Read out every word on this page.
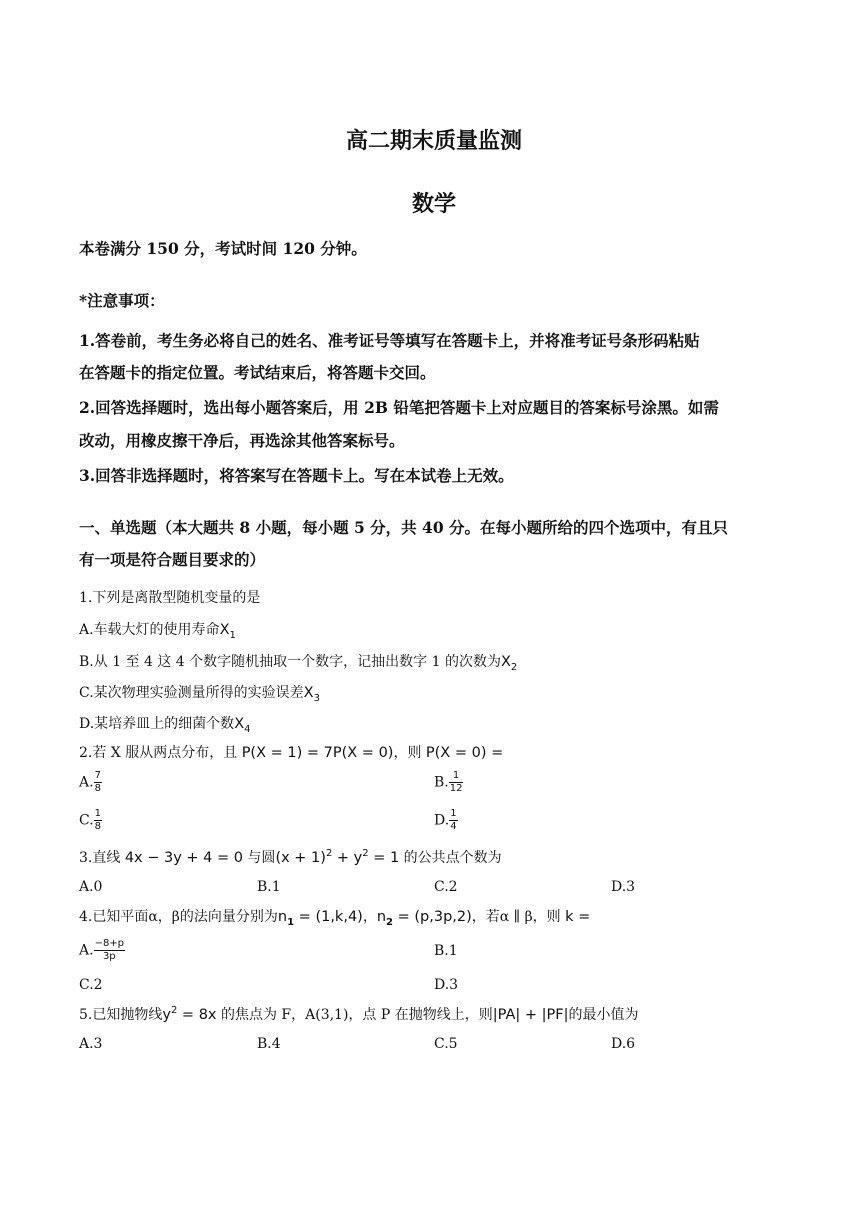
高二期末质量监测
数学
本卷满分 150 分，考试时间 120 分钟。
*注意事项：
1.答卷前，考生务必将自己的姓名、准考证号等填写在答题卡上，并将准考证号条形码粘贴
在答题卡的指定位置。考试结束后，将答题卡交回。
2.回答选择题时，选出每小题答案后，用 2B 铅笔把答题卡上对应题目的答案标号涂黑。如需
改动，用橡皮擦干净后，再选涂其他答案标号。
3.回答非选择题时，将答案写在答题卡上。写在本试卷上无效。
一、单选题（本大题共 8 小题，每小题 5 分，共 40 分。在每小题所给的四个选项中，有且只
有一项是符合题目要求的）
1.下列是离散型随机变量的是
A.车载大灯的使用寿命$X_1$
B.从 1 至 4 这 4 个数字随机抽取一个数字，记抽出数字 1 的次数为$X_2$
C.某次物理实验测量所得的实验误差$X_3$
D.某培养皿上的细菌个数$X_4$
2.若 X 服从两点分布，且 P(X = 1) = 7P(X = 0)，则 P(X = 0) =
A. $\frac{7}{8}$	B. $\frac{1}{12}$
C. $\frac{1}{8}$	D. $\frac{1}{4}$
3.直线 4x − 3y + 4 = 0 与圆$(x + 1)^2 + y^2 = 1$ 的公共点个数为
A.0	B.1	C.2	D.3
4.已知平面α，β的法向量分别为$n_1 = (1,k,4)$，$n_2 = (p,3p,2)$，若α ∥ β，则 k =
A. $\frac{-8+p}{3p}$	B.1
C.2	D.3
5.已知抛物线$y^2 = 8x$ 的焦点为 F，A(3,1)，点 P 在抛物线上，则|PA| + |PF|的最小值为
A.3	B.4	C.5	D.6
